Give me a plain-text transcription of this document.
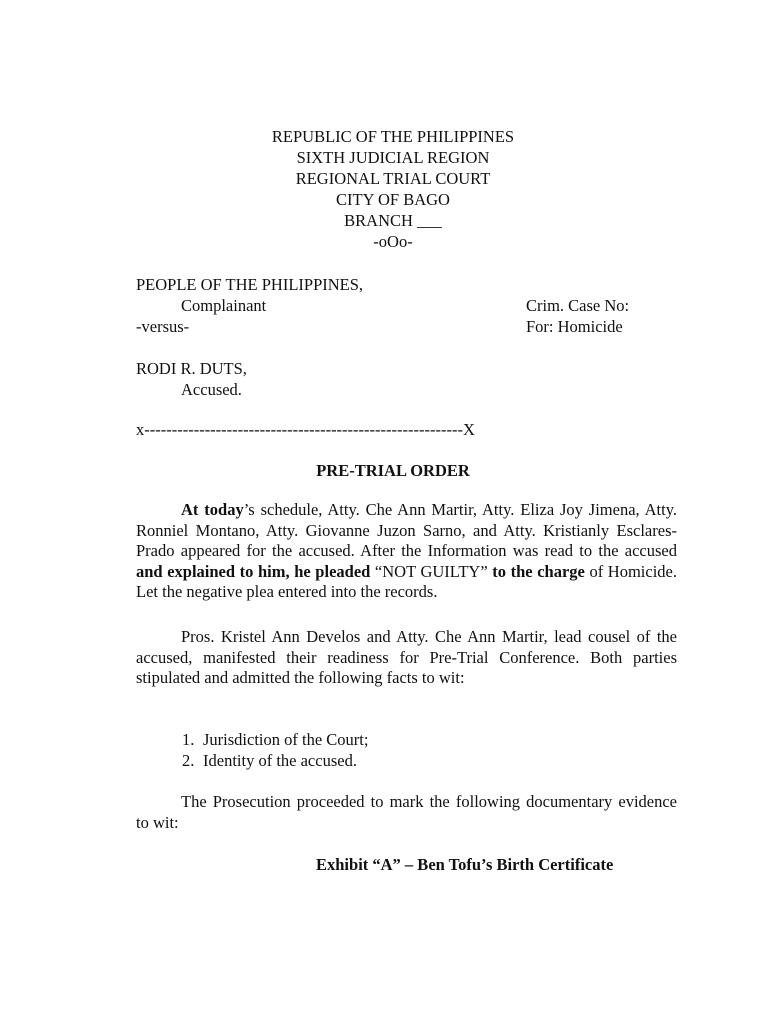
REPUBLIC OF THE PHILIPPINES
SIXTH JUDICIAL REGION
REGIONAL TRIAL COURT
CITY OF BAGO
BRANCH ___
-oOo-
PEOPLE OF THE PHILIPPINES,
Complainant	Crim. Case No:
-versus-	For: Homicide
RODI R. DUTS,
Accused.
x----------------------------------------------------------X
PRE-TRIAL ORDER
At today’s schedule, Atty. Che Ann Martir, Atty. Eliza Joy Jimena, Atty. Ronniel Montano, Atty. Giovanne Juzon Sarno, and Atty. Kristianly Esclares-Prado appeared for the accused. After the Information was read to the accused and explained to him, he pleaded “NOT GUILTY” to the charge of Homicide. Let the negative plea entered into the records.
Pros. Kristel Ann Develos and Atty. Che Ann Martir, lead cousel of the accused, manifested their readiness for Pre-Trial Conference. Both parties stipulated and admitted the following facts to wit:
1. Jurisdiction of the Court;
2. Identity of the accused.
The Prosecution proceeded to mark the following documentary evidence to wit:
Exhibit “A” – Ben Tofu’s Birth Certificate
